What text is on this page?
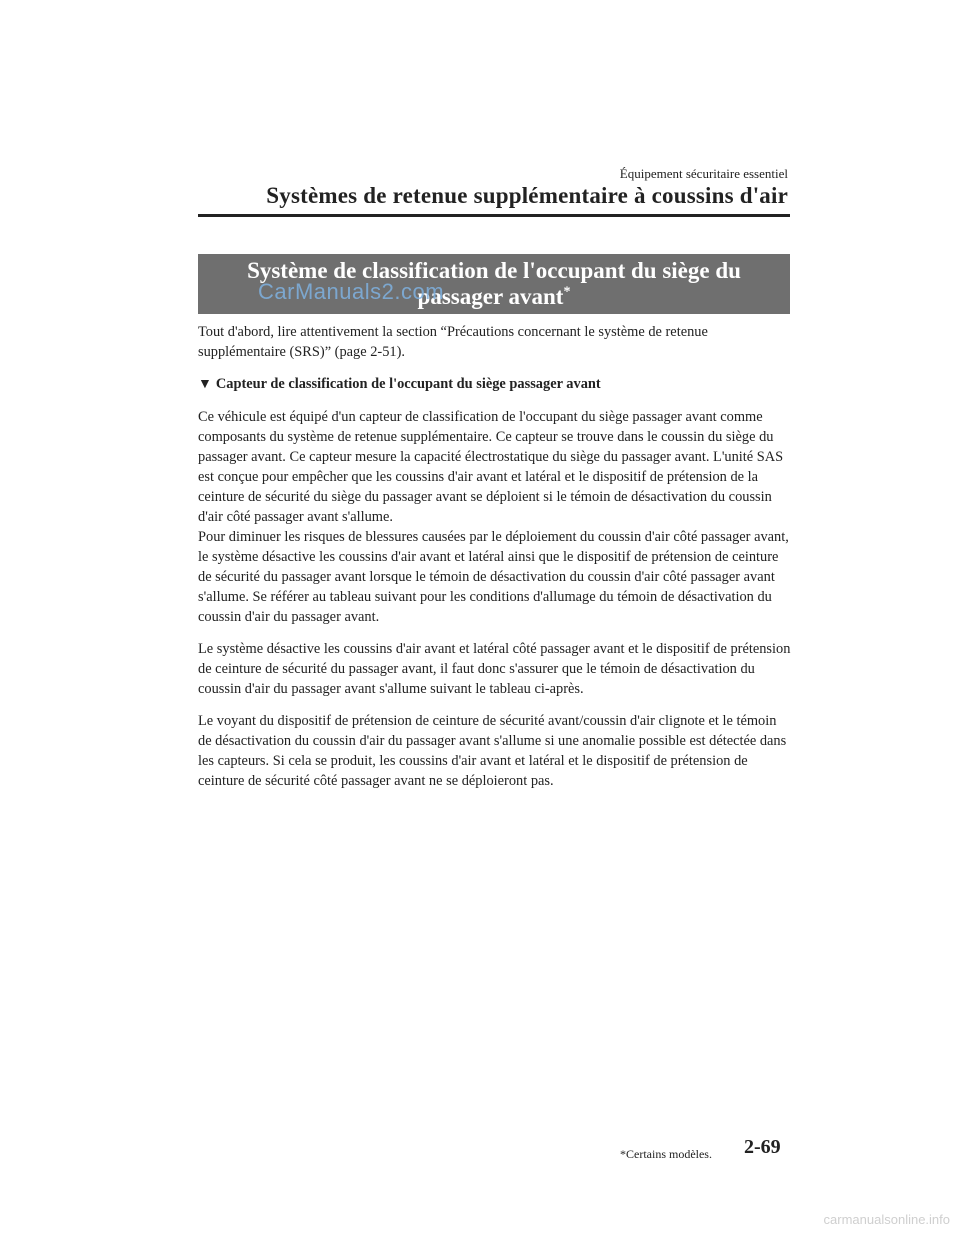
Équipement sécuritaire essentiel
Systèmes de retenue supplémentaire à coussins d'air
Système de classification de l'occupant du siège du
passager avant*
CarManuals2.com

Tout d'abord, lire attentivement la section “Précautions concernant le système de retenue supplémentaire (SRS)” (page 2-51).

▼ Capteur de classification de l'occupant du siège passager avant

Ce véhicule est équipé d'un capteur de classification de l'occupant du siège passager avant comme composants du système de retenue supplémentaire. Ce capteur se trouve dans le coussin du siège du passager avant. Ce capteur mesure la capacité électrostatique du siège du passager avant. L'unité SAS est conçue pour empêcher que les coussins d'air avant et latéral et le dispositif de prétension de la ceinture de sécurité du siège du passager avant se déploient si le témoin de désactivation du coussin d'air côté passager avant s'allume.

Pour diminuer les risques de blessures causées par le déploiement du coussin d'air côté passager avant, le système désactive les coussins d'air avant et latéral ainsi que le dispositif de prétension de ceinture de sécurité du passager avant lorsque le témoin de désactivation du coussin d'air côté passager avant s'allume. Se référer au tableau suivant pour les conditions d'allumage du témoin de désactivation du coussin d'air du passager avant.

Le système désactive les coussins d'air avant et latéral côté passager avant et le dispositif de prétension de ceinture de sécurité du passager avant, il faut donc s'assurer que le témoin de désactivation du coussin d'air du passager avant s'allume suivant le tableau ci-après.

Le voyant du dispositif de prétension de ceinture de sécurité avant/coussin d'air clignote et le témoin de désactivation du coussin d'air du passager avant s'allume si une anomalie possible est détectée dans les capteurs. Si cela se produit, les coussins d'air avant et latéral et le dispositif de prétension de ceinture de sécurité côté passager avant ne se déploieront pas.

*Certains modèles. 2-69
carmanualsonline.info
